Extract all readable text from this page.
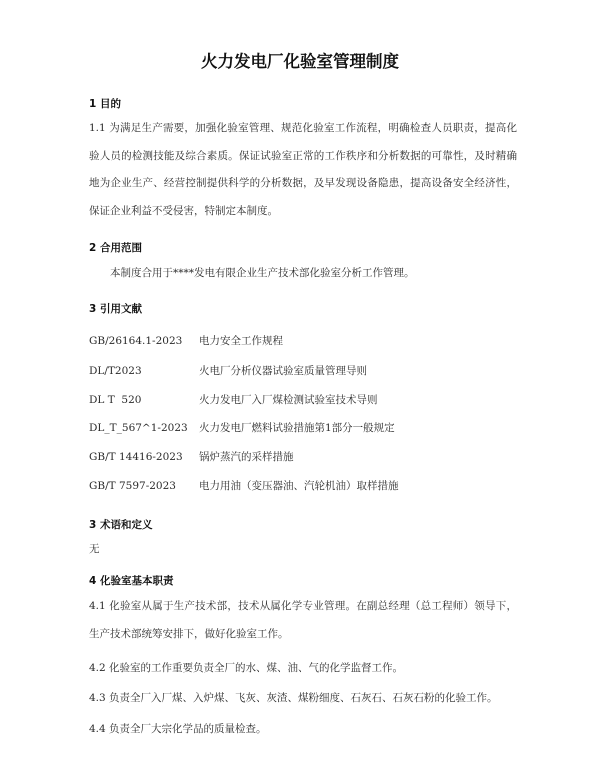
火力发电厂化验室管理制度
1 目的
1.1 为满足生产需要，加强化验室管理、规范化验室工作流程，明确检查人员职责，提高化验人员的检测技能及综合素质。保证试验室正常的工作秩序和分析数据的可靠性，及时精确地为企业生产、经营控制提供科学的分析数据，及早发现设备隐患，提高设备安全经济性，保证企业利益不受侵害，特制定本制度。
2 合用范围
本制度合用于****发电有限企业生产技术部化验室分析工作管理。
3 引用文献
GB/26164.1-2023 电力安全工作规程
DL/T2023	火电厂分析仪器试验室质量管理导则
DL T  520	火力发电厂入厂煤检测试验室技术导则
DL_T_567^1-2023 火力发电厂燃料试验措施第1部分一般规定
GB/T 14416-2023 锅炉蒸汽的采样措施
GB/T 7597-2023 电力用油（变压器油、汽轮机油）取样措施
3 术语和定义
无
4 化验室基本职责
4.1 化验室从属于生产技术部，技术从属化学专业管理。在副总经理（总工程师）领导下，生产技术部统筹安排下，做好化验室工作。
4.2 化验室的工作重要负责全厂的水、煤、油、气的化学监督工作。
4.3 负责全厂入厂煤、入炉煤、飞灰、灰渣、煤粉细度、石灰石、石灰石粉的化验工作。
4.4 负责全厂大宗化学品的质量检查。
